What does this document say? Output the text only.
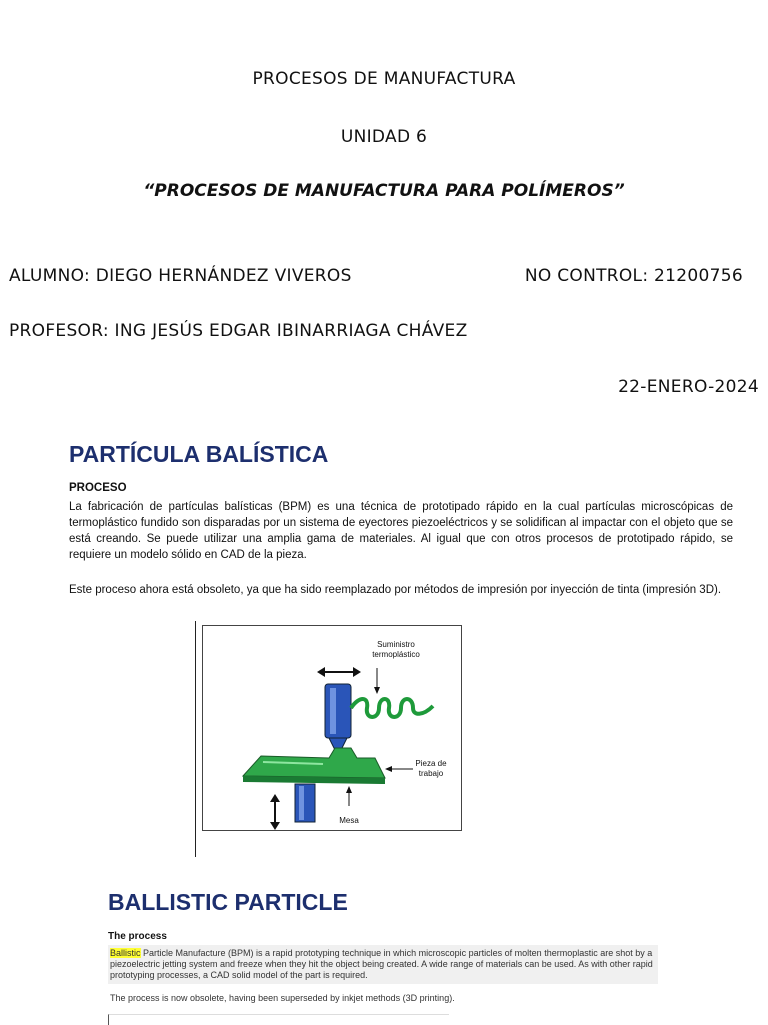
PROCESOS DE MANUFACTURA
UNIDAD 6
“PROCESOS DE MANUFACTURA PARA POLÍMEROS”
ALUMNO: DIEGO HERNÁNDEZ VIVEROS	NO CONTROL: 21200756
PROFESOR: ING JESÚS EDGAR IBINARRIAGA CHÁVEZ
22-ENERO-2024
PARTÍCULA BALÍSTICA
PROCESO
La fabricación de partículas balísticas (BPM) es una técnica de prototipado rápido en la cual partículas microscópicas de termoplástico fundido son disparadas por un sistema de eyectores piezoeléctricos y se solidifican al impactar con el objeto que se está creando. Se puede utilizar una amplia gama de materiales. Al igual que con otros procesos de prototipado rápido, se requiere un modelo sólido en CAD de la pieza.
Este proceso ahora está obsoleto, ya que ha sido reemplazado por métodos de impresión por inyección de tinta (impresión 3D).
Suministro termoplástico
Pieza de trabajo
Mesa
BALLISTIC PARTICLE
The process
Ballistic Particle Manufacture (BPM) is a rapid prototyping technique in which microscopic particles of molten thermoplastic are shot by a piezoelectric jetting system and freeze when they hit the object being created. A wide range of materials can be used. As with other rapid prototyping processes, a CAD solid model of the part is required.
The process is now obsolete, having been superseded by inkjet methods (3D printing).
